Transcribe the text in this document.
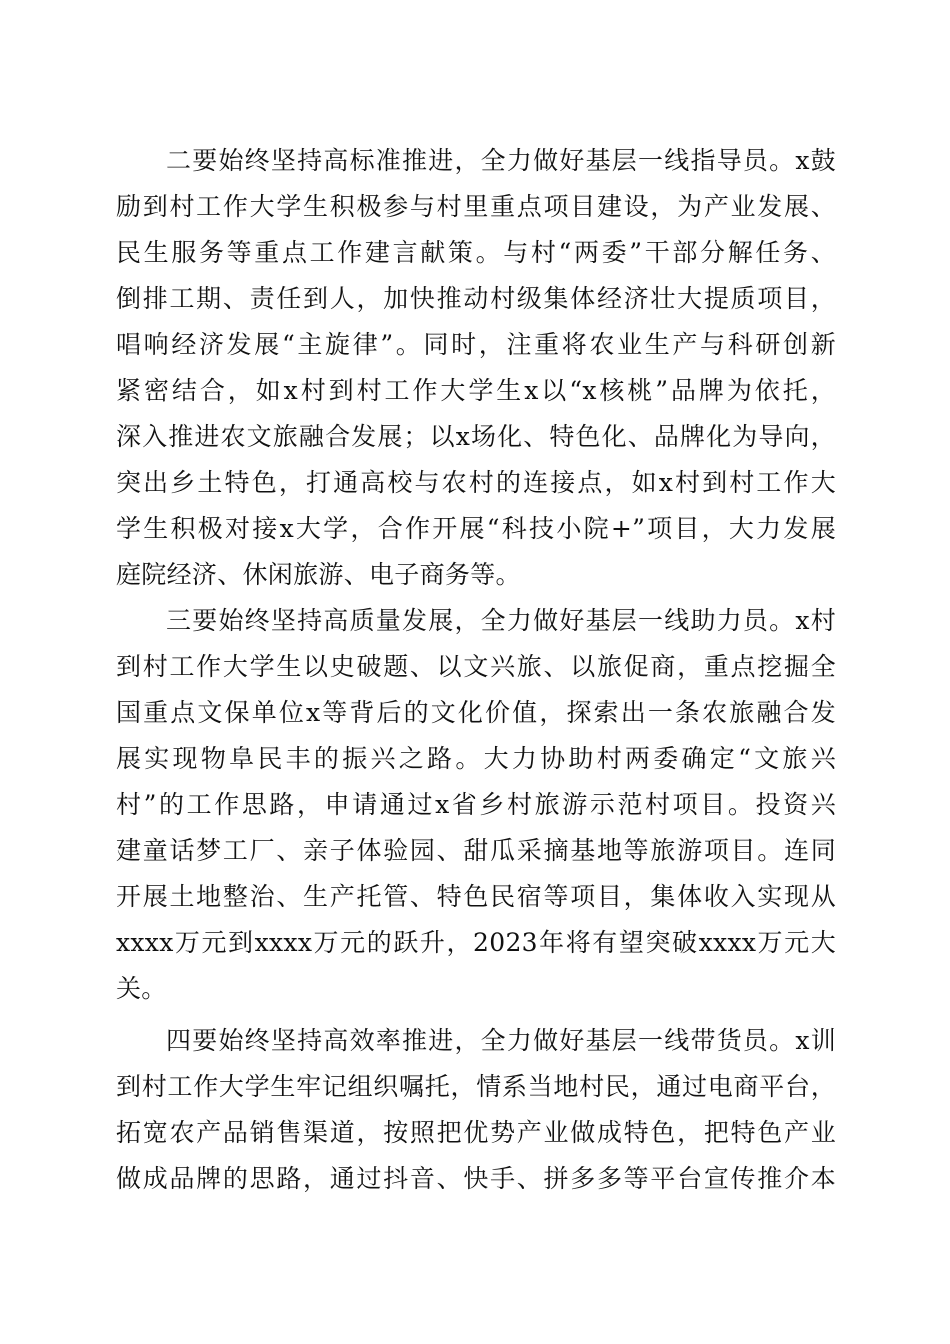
二要始终坚持高标准推进，全力做好基层一线指导员。x鼓
励到村工作大学生积极参与村里重点项目建设，为产业发展、
民生服务等重点工作建言献策。与村“两委”干部分解任务、
倒排工期、责任到人，加快推动村级集体经济壮大提质项目，
唱响经济发展“主旋律”。同时，注重将农业生产与科研创新
紧密结合，如x村到村工作大学生x以“x核桃”品牌为依托，
深入推进农文旅融合发展；以x场化、特色化、品牌化为导向，
突出乡土特色，打通高校与农村的连接点，如x村到村工作大
学生积极对接x大学，合作开展“科技小院+”项目，大力发展
庭院经济、休闲旅游、电子商务等。
三要始终坚持高质量发展，全力做好基层一线助力员。x村
到村工作大学生以史破题、以文兴旅、以旅促商，重点挖掘全
国重点文保单位x等背后的文化价值，探索出一条农旅融合发
展实现物阜民丰的振兴之路。大力协助村两委确定“文旅兴
村”的工作思路，申请通过x省乡村旅游示范村项目。投资兴
建童话梦工厂、亲子体验园、甜瓜采摘基地等旅游项目。连同
开展土地整治、生产托管、特色民宿等项目，集体收入实现从
xxxx万元到xxxx万元的跃升，2023年将有望突破xxxx万元大
关。
四要始终坚持高效率推进，全力做好基层一线带货员。x训
到村工作大学生牢记组织嘱托，情系当地村民，通过电商平台，
拓宽农产品销售渠道，按照把优势产业做成特色，把特色产业
做成品牌的思路，通过抖音、快手、拼多多等平台宣传推介本
